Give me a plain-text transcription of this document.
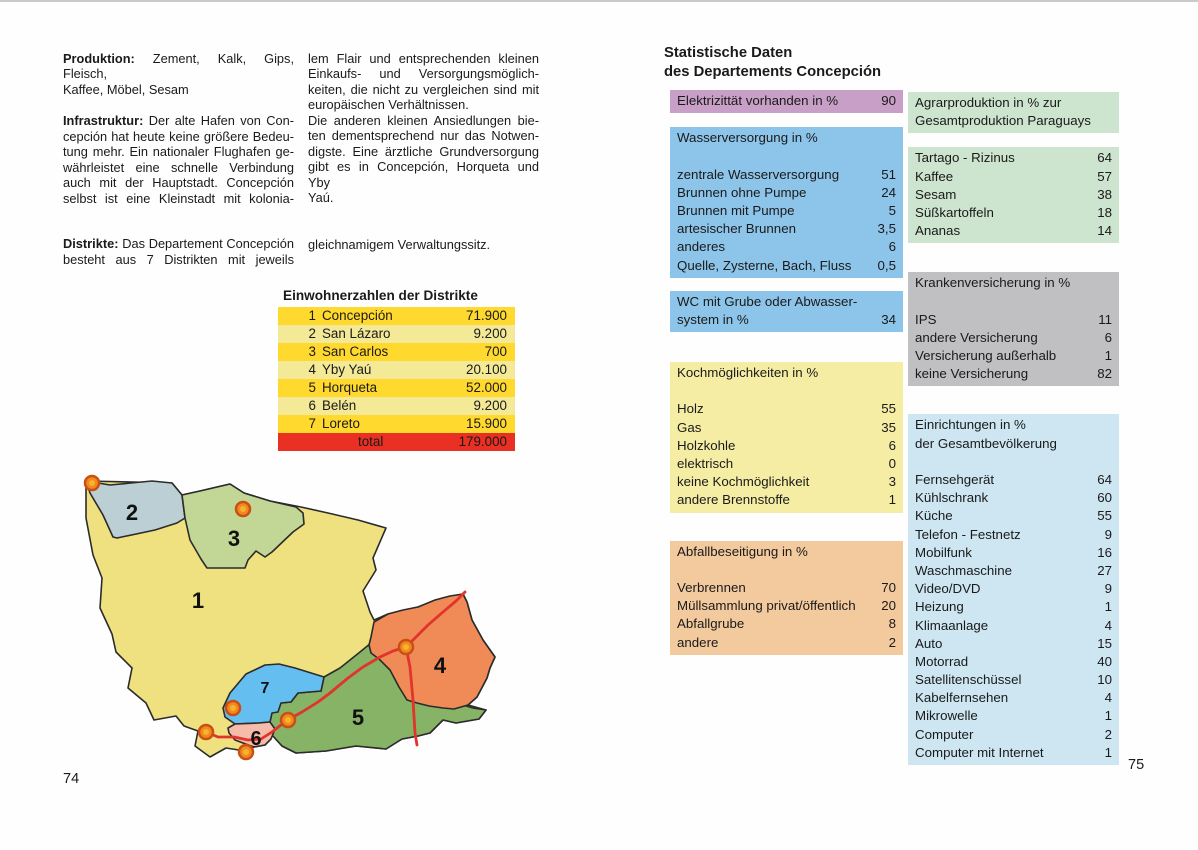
Produktion: Zement, Kalk, Gips, Fleisch,
Kaffee, Möbel, Sesam
Infrastruktur: Der alte Hafen von Con-
cepción hat heute keine größere Bedeu-
tung mehr. Ein nationaler Flughafen ge-
währleistet eine schnelle Verbindung
auch mit der Hauptstadt. Concepción
selbst ist eine Kleinstadt mit kolonia-
Distrikte: Das Departement Concepción
besteht aus 7 Distrikten mit jeweils
lem Flair und entsprechenden kleinen
Einkaufs- und Versorgungsmöglich-
keiten, die nicht zu vergleichen sind mit
europäischen Verhältnissen.
Die anderen kleinen Ansiedlungen bie-
ten dementsprechend nur das Notwen-
digste. Eine ärztliche Grundversorgung
gibt es in Concepción, Horqueta und Yby
Yaú.
gleichnamigem Verwaltungssitz.
Einwohnerzahlen der Distrikte
1 Concepción	71.900
2 San Lázaro	9.200
3 San Carlos	700
4 Yby Yaú	20.100
5 Horqueta	52.000
6 Belén	9.200
7 Loreto	15.900
total	179.000
Statistische Daten
des Departements Concepción
Elektrizittät vorhanden in %	90
Wasserversorgung in %
zentrale Wasserversorgung	51
Brunnen ohne Pumpe	24
Brunnen mit Pumpe	5
artesischer Brunnen	3,5
anderes	6
Quelle, Zysterne, Bach, Fluss 0,5
WC mit Grube oder Abwasser-
system in %	34
Kochmöglichkeiten in %
Holz	55
Gas	35
Holzkohle	6
elektrisch	0
keine Kochmöglichkeit	3
andere Brennstoffe	1
Abfallbeseitigung in %
Verbrennen	70
Müllsammlung privat/öffentlich 20
Abfallgrube	8
andere	2
Agrarproduktion in % zur
Gesamtproduktion Paraguays
Tartago - Rizinus	64
Kaffee	57
Sesam	38
Süßkartoffeln	18
Ananas	14
Krankenversicherung in %
IPS	11
andere Versicherung	6
Versicherung außerhalb	1
keine Versicherung	82
Einrichtungen in %
der Gesamtbevölkerung
Fernsehgerät	64
Kühlschrank	60
Küche	55
Telefon - Festnetz	9
Mobilfunk	16
Waschmaschine	27
Video/DVD	9
Heizung	1
Klimaanlage	4
Auto	15
Motorrad	40
Satellitenschüssel	10
Kabelfernsehen	4
Mikrowelle	1
Computer	2
Computer mit Internet	1
1
2
3
4
5
6
7
74
75
